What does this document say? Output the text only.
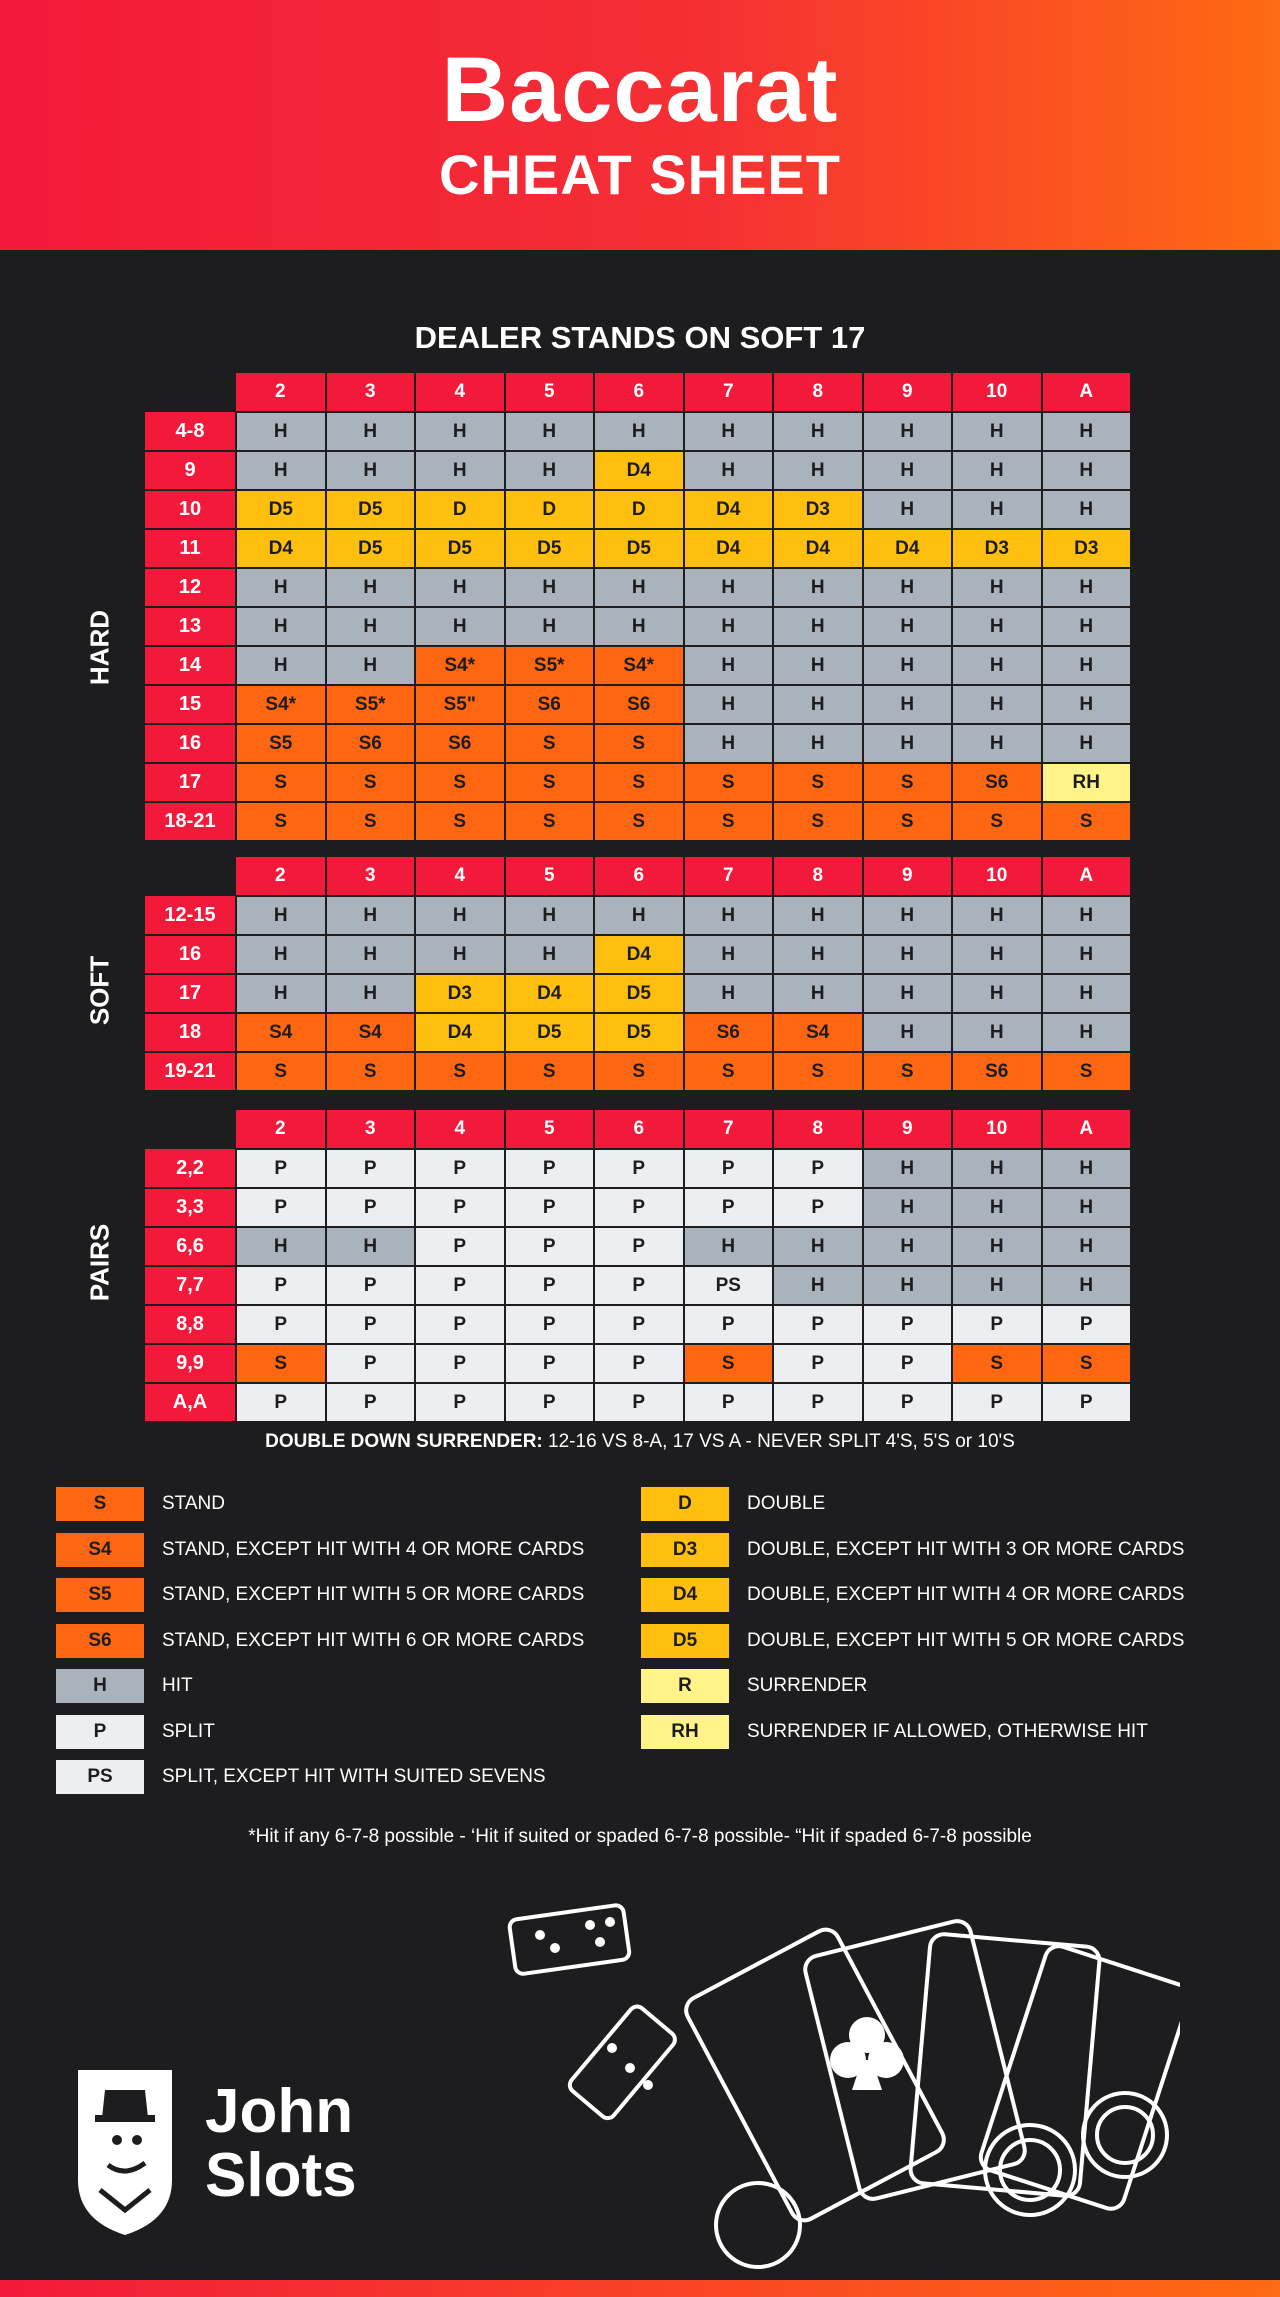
Baccarat
CHEAT SHEET
DEALER STANDS ON SOFT 17
	2	3	4	5	6	7	8	9	10	A
4-8	H	H	H	H	H	H	H	H	H	H
9	H	H	H	H	D4	H	H	H	H	H
10	D5	D5	D	D	D	D4	D3	H	H	H
11	D4	D5	D5	D5	D5	D4	D4	D4	D3	D3
12	H	H	H	H	H	H	H	H	H	H
13	H	H	H	H	H	H	H	H	H	H
14	H	H	S4*	S5*	S4*	H	H	H	H	H
15	S4*	S5*	S5"	S6	S6	H	H	H	H	H
16	S5	S6	S6	S	S	H	H	H	H	H
17	S	S	S	S	S	S	S	S	S6	RH
18-21	S	S	S	S	S	S	S	S	S	S
HARD
	2	3	4	5	6	7	8	9	10	A
12-15	H	H	H	H	H	H	H	H	H	H
16	H	H	H	H	D4	H	H	H	H	H
17	H	H	D3	D4	D5	H	H	H	H	H
18	S4	S4	D4	D5	D5	S6	S4	H	H	H
19-21	S	S	S	S	S	S	S	S	S6	S
SOFT
	2	3	4	5	6	7	8	9	10	A
2,2	P	P	P	P	P	P	P	H	H	H
3,3	P	P	P	P	P	P	P	H	H	H
6,6	H	H	P	P	P	H	H	H	H	H
7,7	P	P	P	P	P	PS	H	H	H	H
8,8	P	P	P	P	P	P	P	P	P	P
9,9	S	P	P	P	P	S	P	P	S	S
A,A	P	P	P	P	P	P	P	P	P	P
PAIRS
DOUBLE DOWN SURRENDER: 12-16 VS 8-A, 17 VS A - NEVER SPLIT 4'S, 5'S or 10'S
S	STAND
S4	STAND, EXCEPT HIT WITH 4 OR MORE CARDS
S5	STAND, EXCEPT HIT WITH 5 OR MORE CARDS
S6	STAND, EXCEPT HIT WITH 6 OR MORE CARDS
H	HIT
P	SPLIT
PS	SPLIT, EXCEPT HIT WITH SUITED SEVENS
D	DOUBLE
D3	DOUBLE, EXCEPT HIT WITH 3 OR MORE CARDS
D4	DOUBLE, EXCEPT HIT WITH 4 OR MORE CARDS
D5	DOUBLE, EXCEPT HIT WITH 5 OR MORE CARDS
R	SURRENDER
RH	SURRENDER IF ALLOWED, OTHERWISE HIT
*Hit if any 6-7-8 possible - ‘Hit if suited or spaded 6-7-8 possible- “Hit if spaded 6-7-8 possible
John
Slots
